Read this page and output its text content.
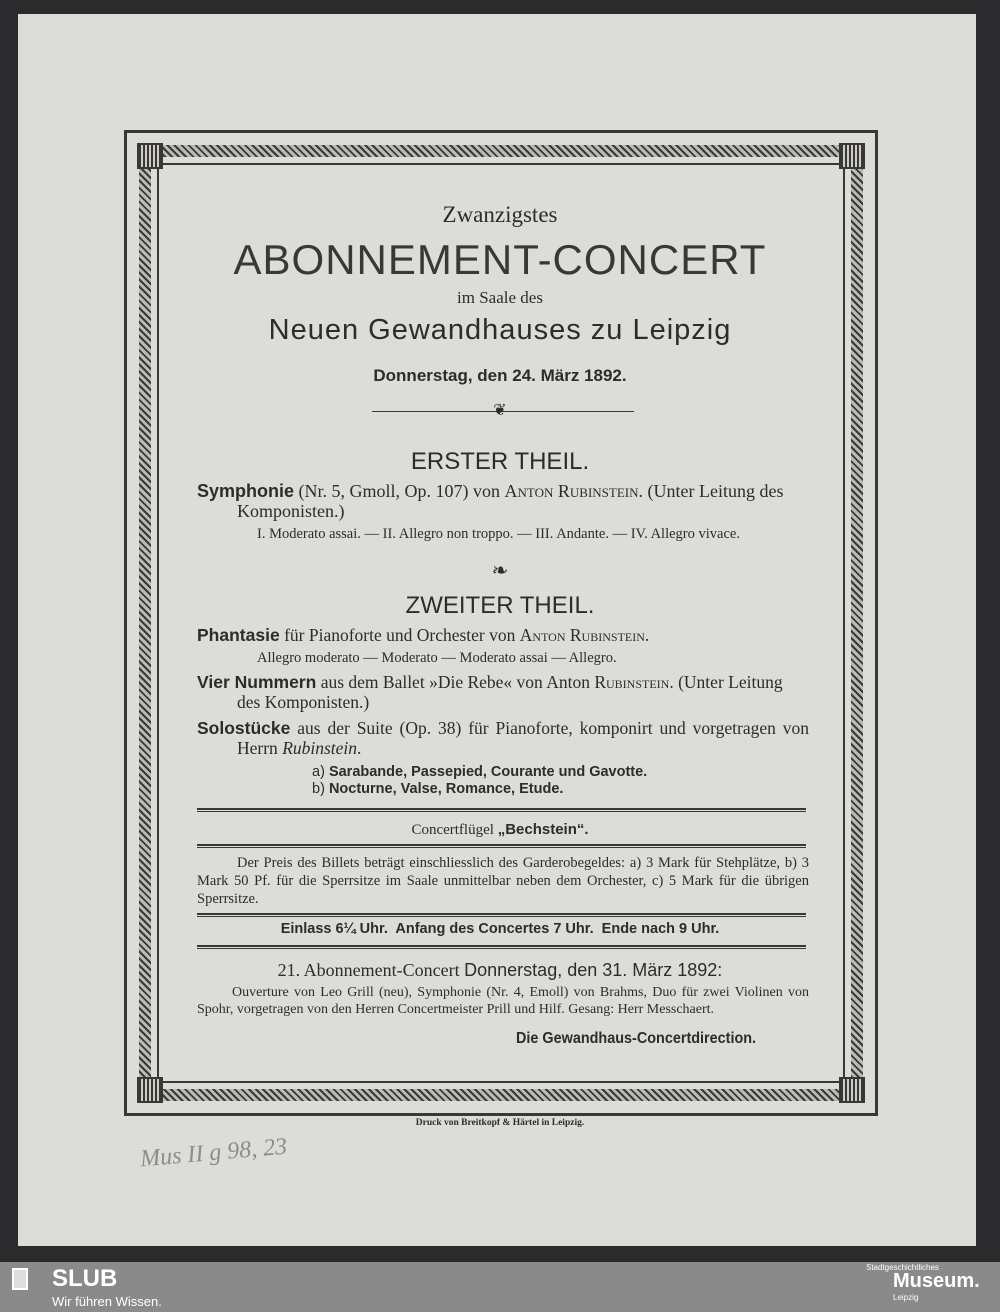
Zwanzigstes
ABONNEMENT-CONCERT
im Saale des
Neuen Gewandhauses zu Leipzig
Donnerstag, den 24. März 1892.
❦
ERSTER THEIL.
Symphonie (Nr. 5, Gmoll, Op. 107) von Anton Rubinstein. (Unter Leitung des Komponisten.)
I. Moderato assai. — II. Allegro non troppo. — III. Andante. — IV. Allegro vivace.
❧
ZWEITER THEIL.
Phantasie für Pianoforte und Orchester von Anton Rubinstein.
Allegro moderato — Moderato — Moderato assai — Allegro.
Vier Nummern aus dem Ballet »Die Rebe« von Anton Rubinstein. (Unter Leitung des Komponisten.)
Solostücke aus der Suite (Op. 38) für Pianoforte, komponirt und vorgetragen von Herrn Rubinstein.
a) Sarabande, Passepied, Courante und Gavotte.
b) Nocturne, Valse, Romance, Etude.
Concertflügel „Bechstein“.
Der Preis des Billets beträgt einschliesslich des Garderobegeldes: a) 3 Mark für Stehplätze, b) 3 Mark 50 Pf. für die Sperrsitze im Saale unmittelbar neben dem Orchester, c) 5 Mark für die übrigen Sperrsitze.
Einlass 6¼ Uhr.  Anfang des Concertes 7 Uhr.  Ende nach 9 Uhr.
21. Abonnement-Concert Donnerstag, den 31. März 1892:
Ouverture von Leo Grill (neu), Symphonie (Nr. 4, Emoll) von Brahms, Duo für zwei Violinen von Spohr, vorgetragen von den Herren Concertmeister Prill und Hilf. Gesang: Herr Messchaert.
Die Gewandhaus-Concertdirection.
Druck von Breitkopf & Härtel in Leipzig.
Mus II g 98, 23
SLUB
Wir führen Wissen.
Stadtgeschichtliches
Museum.
Leipzig
